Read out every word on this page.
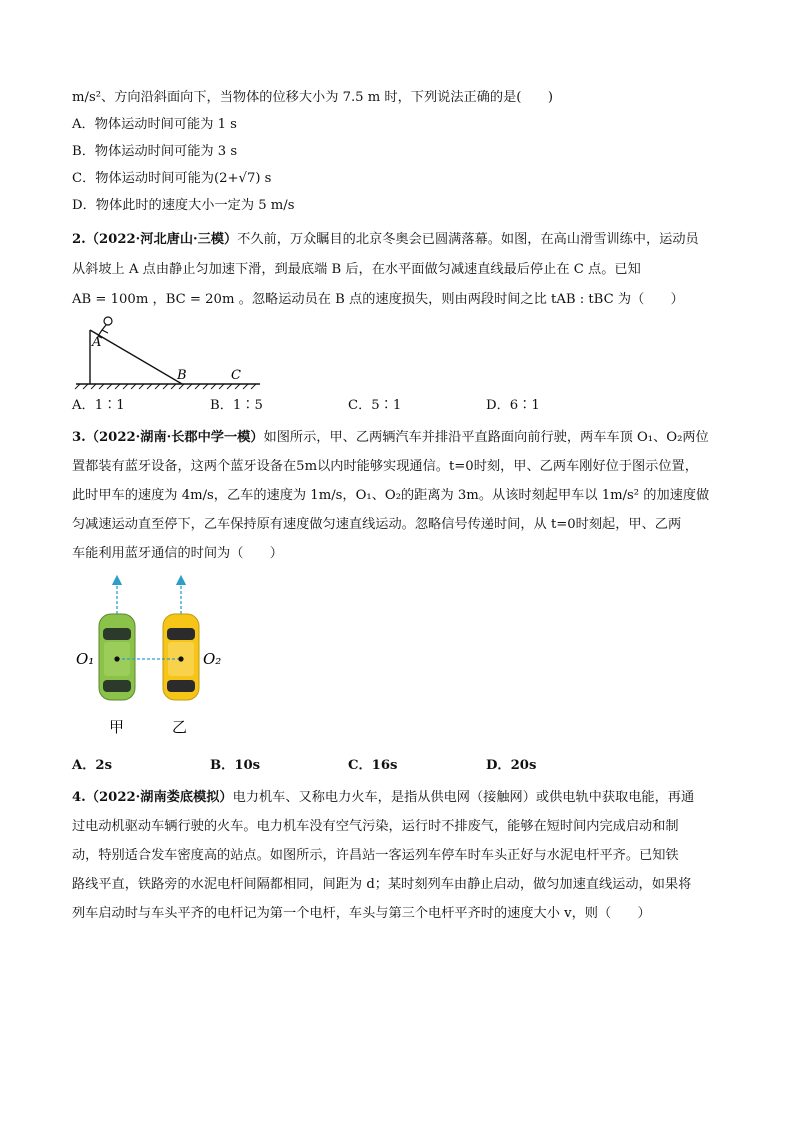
m/s²、方向沿斜面向下，当物体的位移大小为 7.5 m 时，下列说法正确的是(　　)
A．物体运动时间可能为 1 s
B．物体运动时间可能为 3 s
C．物体运动时间可能为(2+√7) s
D．物体此时的速度大小一定为 5 m/s
2.（2022·河北唐山·三模）不久前，万众瞩目的北京冬奥会已圆满落幕。如图，在高山滑雪训练中，运动员
从斜坡上 A 点由静止匀加速下滑，到最底端 B 后，在水平面做匀减速直线最后停止在 C 点。已知
AB = 100m ，BC = 20m 。忽略运动员在 B 点的速度损失，则由两段时间之比 tAB : tBC 为（　　）
A
B	C
A．1∶1	B．1∶5	C．5∶1	D．6∶1
3.（2022·湖南·长郡中学一模）如图所示，甲、乙两辆汽车并排沿平直路面向前行驶，两车车顶 O₁、O₂两位
置都装有蓝牙设备，这两个蓝牙设备在5m以内时能够实现通信。t=0时刻，甲、乙两车刚好位于图示位置，
此时甲车的速度为 4m/s，乙车的速度为 1m/s，O₁、O₂的距离为 3m。从该时刻起甲车以 1m/s² 的加速度做
匀减速运动直至停下，乙车保持原有速度做匀速直线运动。忽略信号传递时间，从 t=0时刻起，甲、乙两
车能利用蓝牙通信的时间为（　　）
O₁	O₂
甲	乙
A．2s	B．10s	C．16s	D．20s
4.（2022·湖南娄底模拟）电力机车、又称电力火车，是指从供电网（接触网）或供电轨中获取电能，再通
过电动机驱动车辆行驶的火车。电力机车没有空气污染，运行时不排废气，能够在短时间内完成启动和制
动，特别适合发车密度高的站点。如图所示，许昌站一客运列车停车时车头正好与水泥电杆平齐。已知铁
路线平直，铁路旁的水泥电杆间隔都相同，间距为 d；某时刻列车由静止启动，做匀加速直线运动，如果将
列车启动时与车头平齐的电杆记为第一个电杆，车头与第三个电杆平齐时的速度大小 v，则（　　）
